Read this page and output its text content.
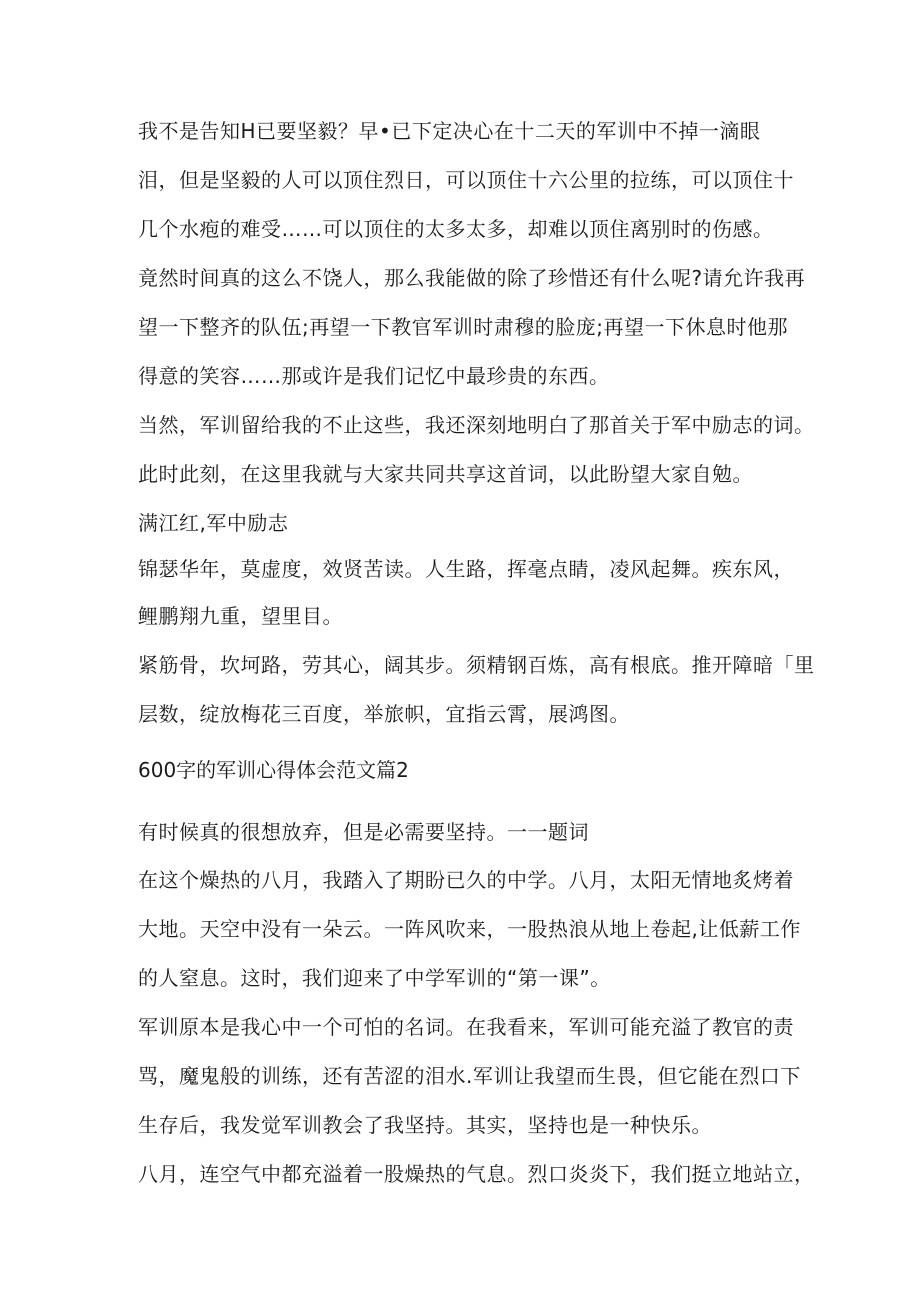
我不是告知H已要坚毅？早•已下定决心在十二天的军训中不掉一滴眼
泪，但是坚毅的人可以顶住烈日，可以顶住十六公里的拉练，可以顶住十
几个水疱的难受……可以顶住的太多太多，却难以顶住离别时的伤感。
竟然时间真的这么不饶人，那么我能做的除了珍惜还有什么呢?请允许我再
望一下整齐的队伍;再望一下教官军训时肃穆的脸庞;再望一下休息时他那
得意的笑容……那或许是我们记忆中最珍贵的东西。
当然，军训留给我的不止这些，我还深刻地明白了那首关于军中励志的词。
此时此刻，在这里我就与大家共同共享这首词，以此盼望大家自勉。
满江红,军中励志
锦瑟华年，莫虚度，效贤苦读。人生路，挥毫点睛，凌风起舞。疾东风，
鲤鹏翔九重，望里目。
紧筋骨，坎坷路，劳其心，阔其步。须精钢百炼，高有根底。推开障暗「里
层数，绽放梅花三百度，举旅帜，宜指云霄，展鸿图。
600字的军训心得体会范文篇2
有时候真的很想放弃，但是必需要坚持。一一题词
在这个燥热的八月，我踏入了期盼已久的中学。八月，太阳无情地炙烤着
大地。天空中没有一朵云。一阵风吹来，一股热浪从地上卷起,让低薪工作
的人窒息。这时，我们迎来了中学军训的“第一课”。
军训原本是我心中一个可怕的名词。在我看来，军训可能充溢了教官的责
骂，魔鬼般的训练，还有苦涩的泪水.军训让我望而生畏，但它能在烈口下
生存后，我发觉军训教会了我坚持。其实，坚持也是一种快乐。
八月，连空气中都充溢着一股燥热的气息。烈口炎炎下，我们挺立地站立，
